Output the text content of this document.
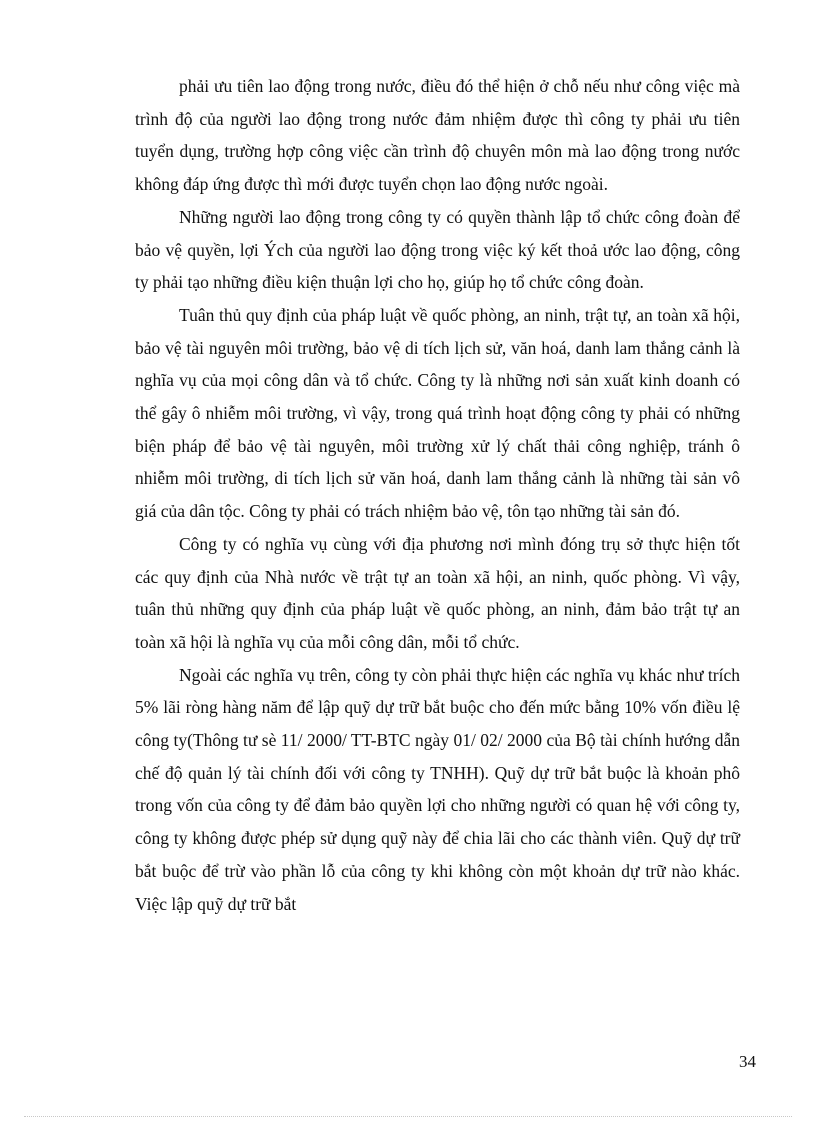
phải ưu tiên lao động trong nước, điều đó thể hiện ở chỗ nếu như công việc mà trình độ của người lao động trong nước đảm nhiệm được thì công ty phải ưu tiên tuyển dụng, trường hợp công việc cần trình độ chuyên môn mà lao động trong nước không đáp ứng được thì mới được tuyển chọn lao động nước ngoài.

Những người lao động trong công ty có quyền thành lập tổ chức công đoàn để bảo vệ quyền, lợi Ých của người lao động trong việc ký kết thoả ước lao động, công ty phải tạo những điều kiện thuận lợi cho họ, giúp họ tổ chức công đoàn.

Tuân thủ quy định của pháp luật về quốc phòng, an ninh, trật tự, an toàn xã hội, bảo vệ tài nguyên môi trường, bảo vệ di tích lịch sử, văn hoá, danh lam thắng cảnh là nghĩa vụ của mọi công dân và tổ chức. Công ty là những nơi sản xuất kinh doanh có thể gây ô nhiễm môi trường, vì vậy, trong quá trình hoạt động công ty phải có những biện pháp để bảo vệ tài nguyên, môi trường xử lý chất thải công nghiệp, tránh ô nhiễm môi trường, di tích lịch sử văn hoá, danh lam thắng cảnh là những tài sản vô giá của dân tộc. Công ty phải có trách nhiệm bảo vệ, tôn tạo những tài sản đó.

Công ty có nghĩa vụ cùng với địa phương nơi mình đóng trụ sở thực hiện tốt các quy định của Nhà nước về trật tự an toàn xã hội, an ninh, quốc phòng. Vì vậy, tuân thủ những quy định của pháp luật về quốc phòng, an ninh, đảm bảo trật tự an toàn xã hội là nghĩa vụ của mỗi công dân, mỗi tổ chức.

Ngoài các nghĩa vụ trên, công ty còn phải thực hiện các nghĩa vụ khác như trích 5% lãi ròng hàng năm để lập quỹ dự trữ bắt buộc cho đến mức bằng 10% vốn điều lệ công ty(Thông tư sè 11/ 2000/ TT-BTC ngày 01/ 02/ 2000 của Bộ tài chính hướng dẫn chế độ quản lý tài chính đối với công ty TNHH). Quỹ dự trữ bắt buộc là khoản phô trong vốn của công ty để đảm bảo quyền lợi cho những người có quan hệ với công ty, công ty không được phép sử dụng quỹ này để chia lãi cho các thành viên. Quỹ dự trữ bắt buộc để trừ vào phần lỗ của công ty khi không còn một khoản dự trữ nào khác. Việc lập quỹ dự trữ bắt

34
